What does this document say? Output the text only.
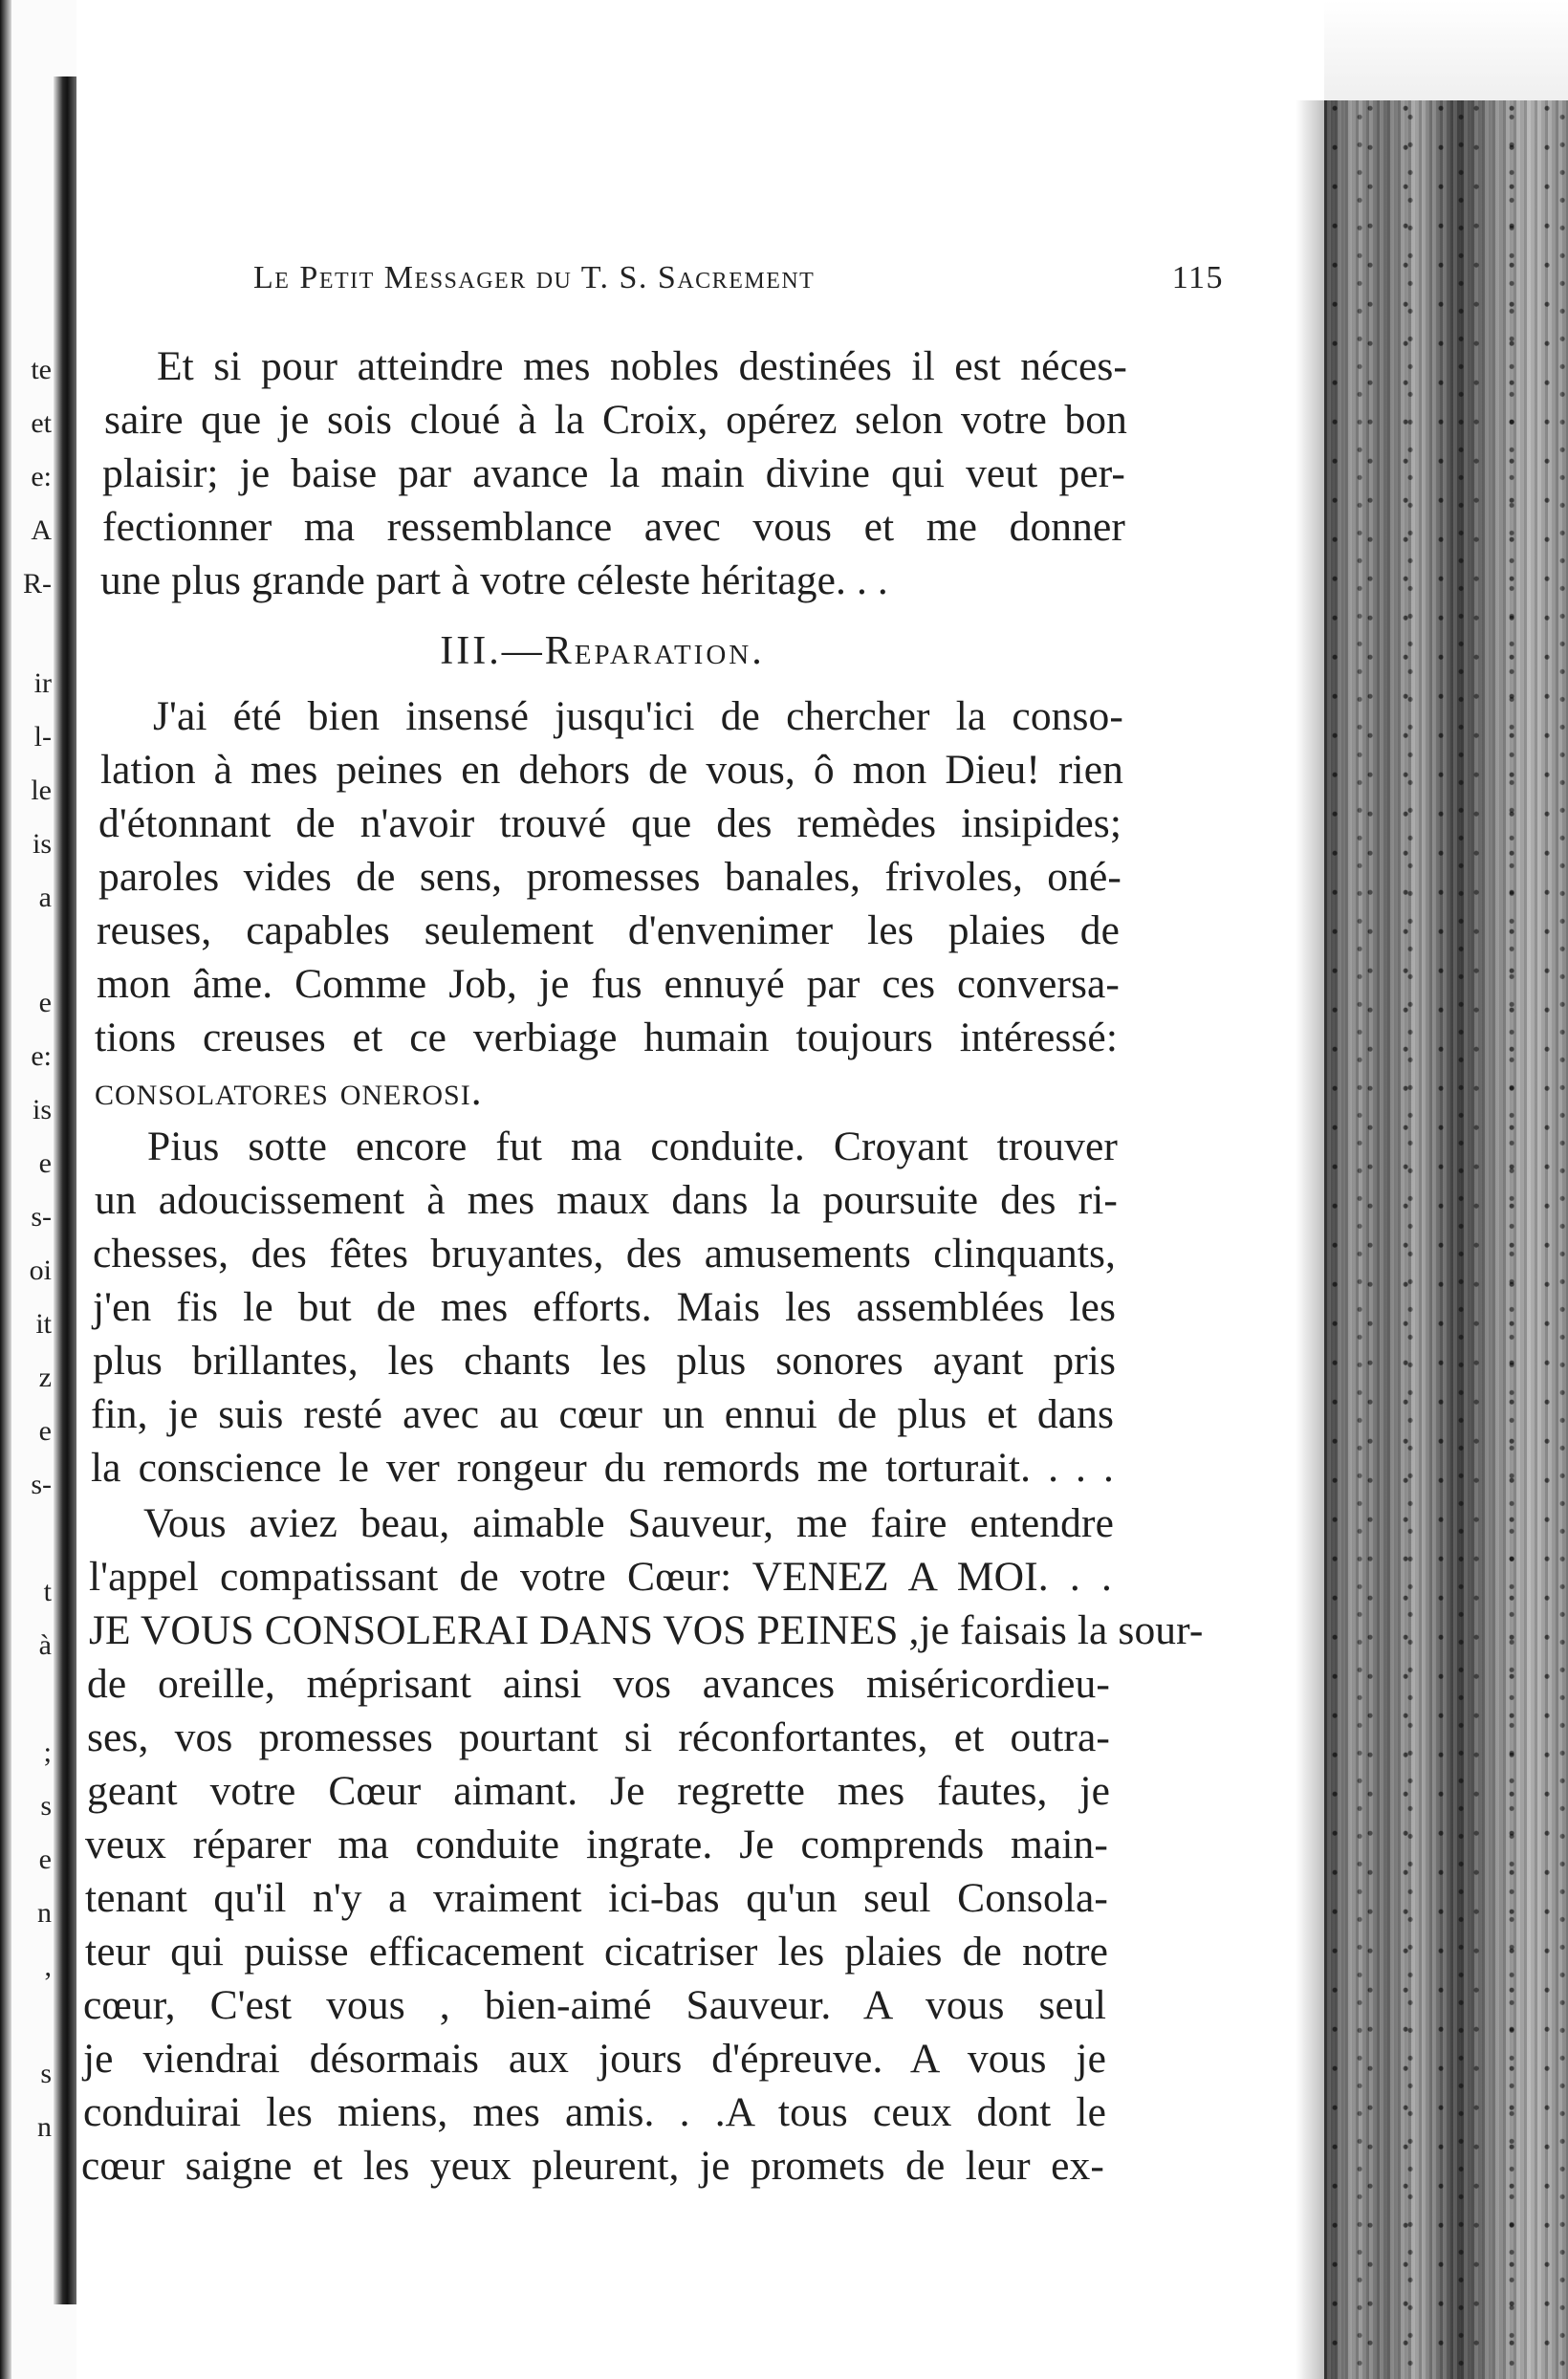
te
et
e:
A
R-
ir
l-
le
is
a
e
e:
is
e
s-
oi
it
z
e
s-
t
à
;
s
e
n
,
s
n
Le Petit Messager du T. S. Sacrement	115
Et si pour atteindre mes nobles destinées il est néces-
saire que je sois cloué à la Croix, opérez selon votre bon
plaisir; je baise par avance la main divine qui veut per-
fectionner ma ressemblance avec vous et me donner
une plus grande part à votre céleste héritage. . .
III.—Reparation.
J'ai été bien insensé jusqu'ici de chercher la conso-
lation à mes peines en dehors de vous, ô mon Dieu! rien
d'étonnant de n'avoir trouvé que des remèdes insipides;
paroles vides de sens, promesses banales, frivoles, oné-
reuses, capables seulement d'envenimer les plaies de
mon âme. Comme Job, je fus ennuyé par ces conversa-
tions creuses et ce verbiage humain toujours intéressé:
consolatores onerosi.
Pius sotte encore fut ma conduite. Croyant trouver
un adoucissement à mes maux dans la poursuite des ri-
chesses, des fêtes bruyantes, des amusements clinquants,
j'en fis le but de mes efforts. Mais les assemblées les
plus brillantes, les chants les plus sonores ayant pris
fin, je suis resté avec au cœur un ennui de plus et dans
la conscience le ver rongeur du remords me torturait. . . .
Vous aviez beau, aimable Sauveur, me faire entendre
l'appel compatissant de votre Cœur: VENEZ A MOI. . .
JE VOUS CONSOLERAI DANS VOS PEINES ,je faisais la sour-
de oreille, méprisant ainsi vos avances miséricordieu-
ses, vos promesses pourtant si réconfortantes, et outra-
geant votre Cœur aimant. Je regrette mes fautes, je
veux réparer ma conduite ingrate. Je comprends main-
tenant qu'il n'y a vraiment ici-bas qu'un seul Consola-
teur qui puisse efficacement cicatriser les plaies de notre
cœur, C'est vous , bien-aimé Sauveur. A vous seul
je viendrai désormais aux jours d'épreuve. A vous je
conduirai les miens, mes amis. . .A tous ceux dont le
cœur saigne et les yeux pleurent, je promets de leur ex-
